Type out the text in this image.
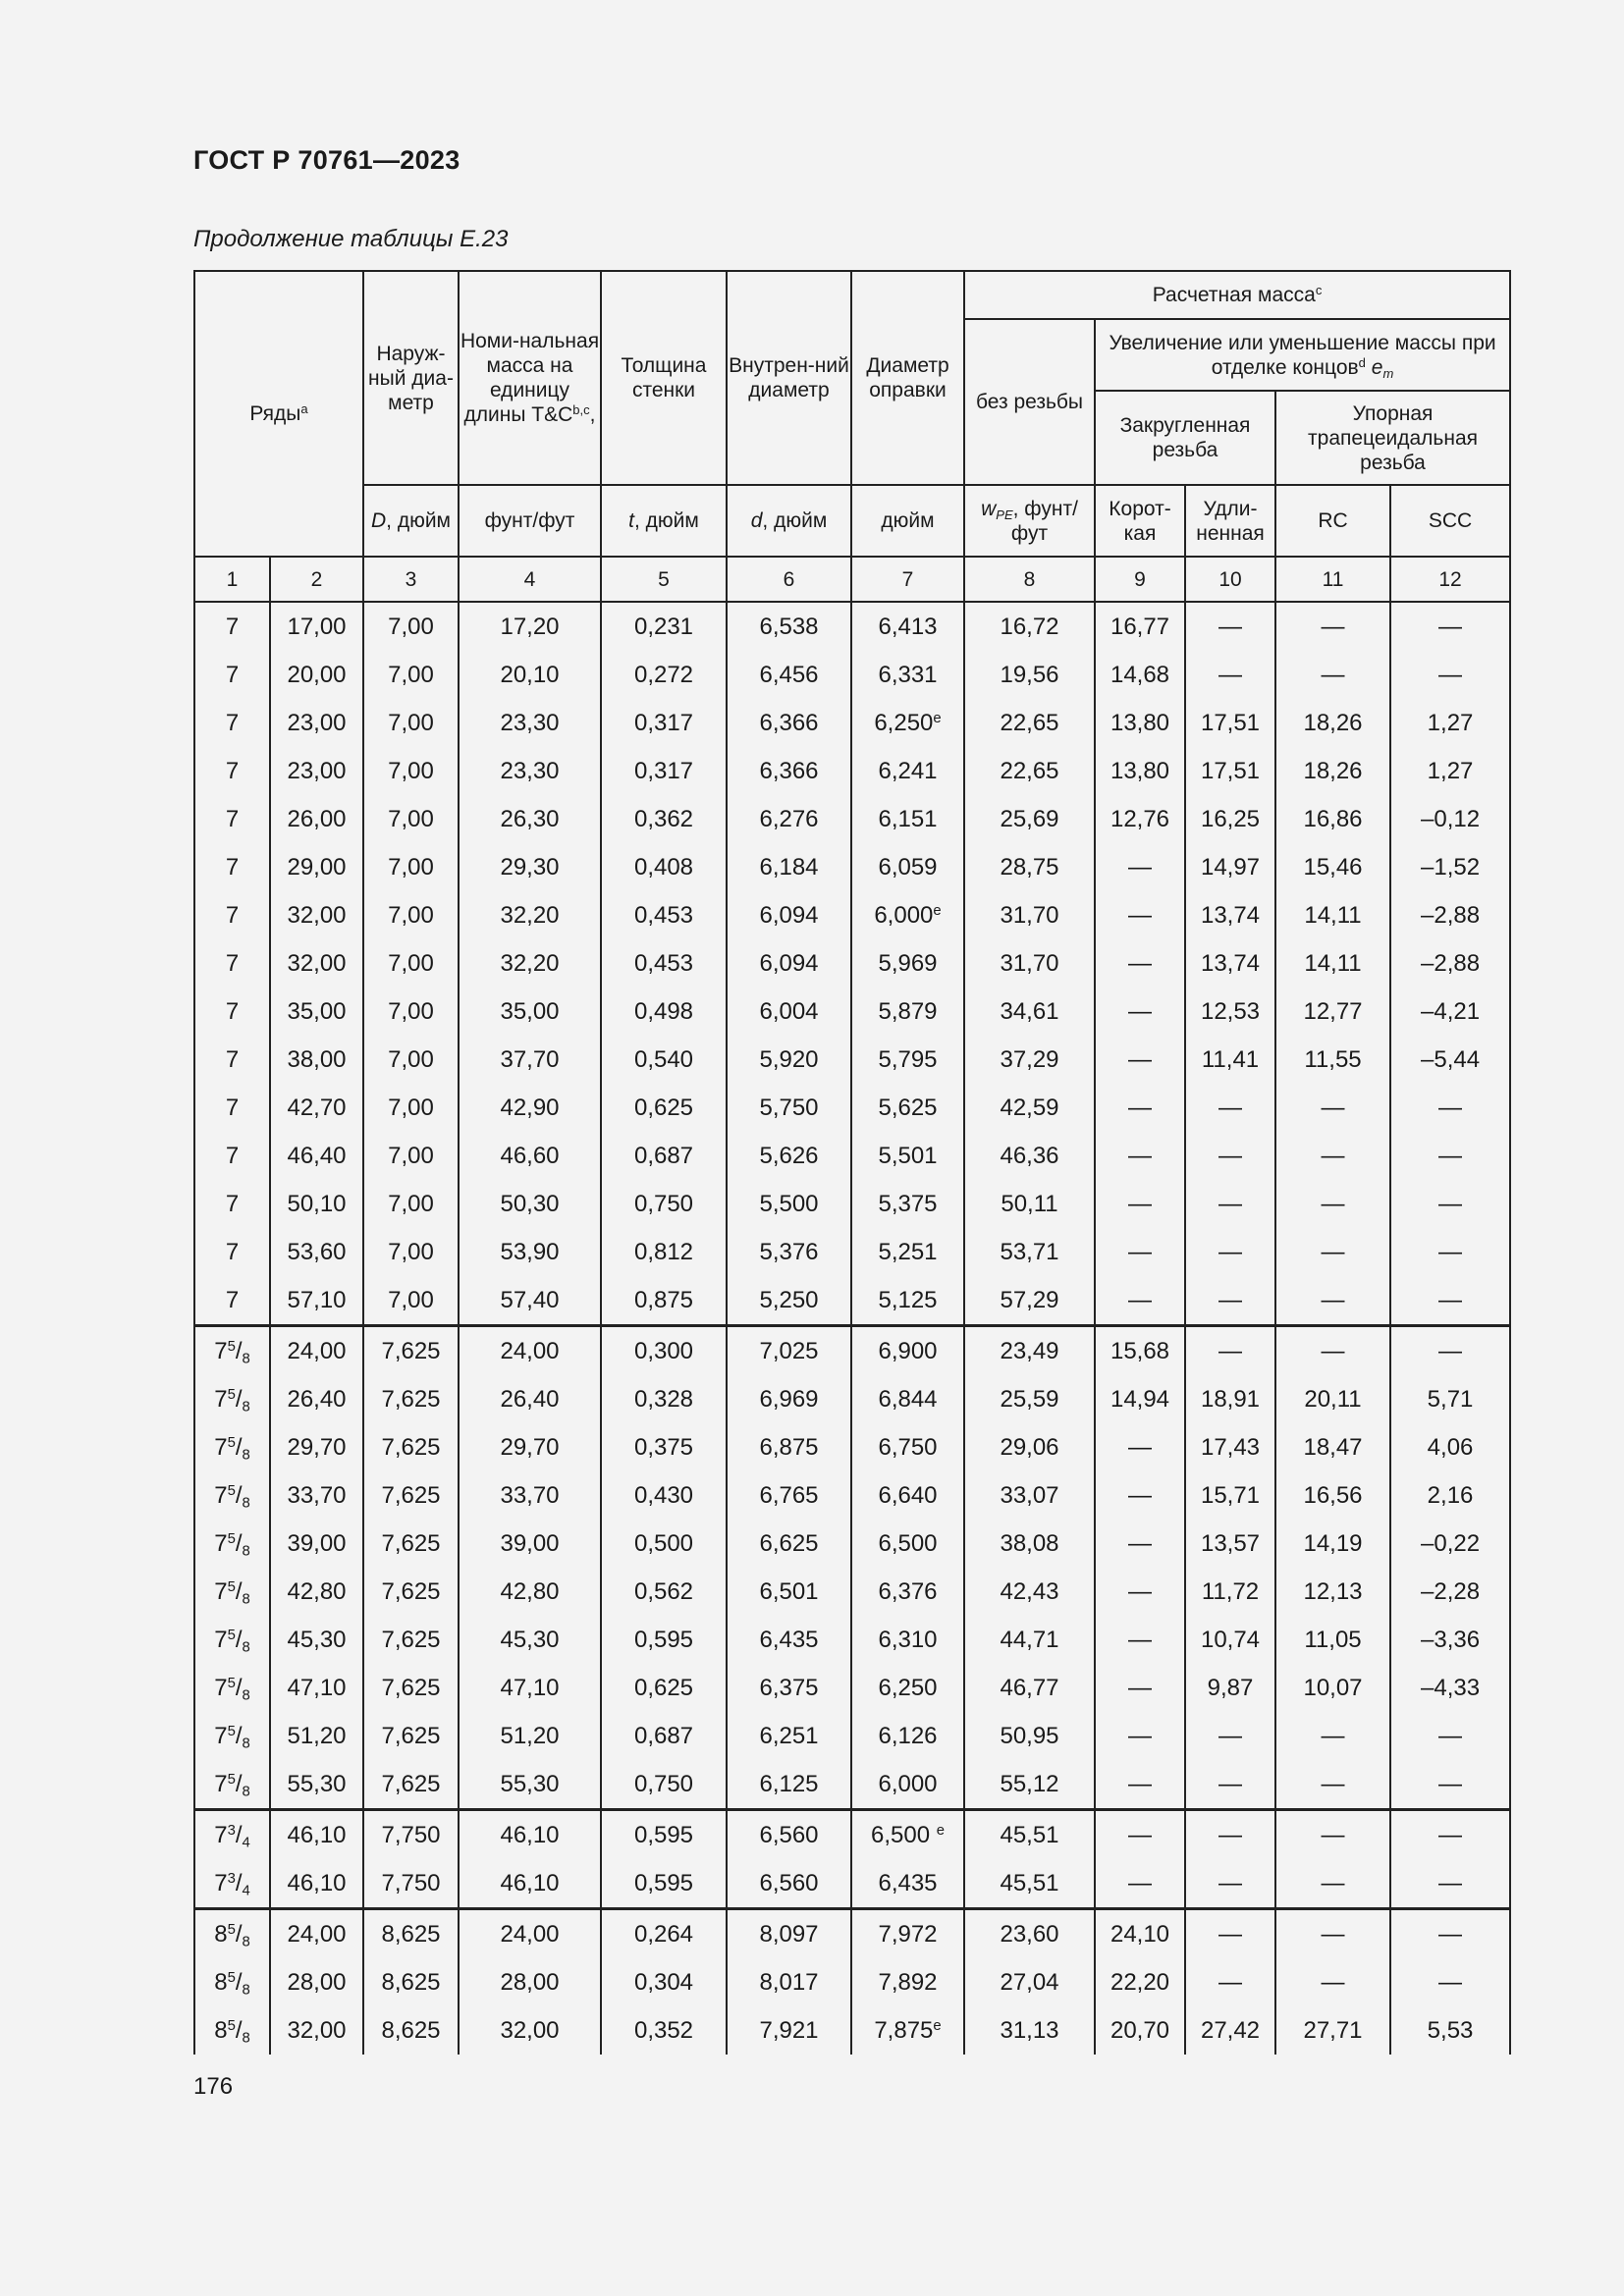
ГОСТ Р 70761—2023
Продолжение таблицы Е.23
Ряды$^a$		Наруж-ный диа-метр	Номи-нальная масса на единицу длины $T\&C^{b,c}$,	Толщина стенки	Внутрен-ний диаметр	Диаметр оправки	Расчетная масса$^c$
							без резьбы	Увеличение или уменьшение массы при отделке концов$^d$ $e_m$
								Закругленная резьба		Упорная трапецеидальная резьба	
		D, дюйм	фунт/фут	t, дюйм	d, дюйм	дюйм	$w_{PE}$, фунт/фут	Корот-кая	Удли-ненная	RC	SCC
1	2	3	4	5	6	7	8	9	10	11	12
7	17,00	7,00	17,20	0,231	6,538	6,413	16,72	16,77	—	—	—
7	20,00	7,00	20,10	0,272	6,456	6,331	19,56	14,68	—	—	—
7	23,00	7,00	23,30	0,317	6,366	6,250e	22,65	13,80	17,51	18,26	1,27
7	23,00	7,00	23,30	0,317	6,366	6,241	22,65	13,80	17,51	18,26	1,27
7	26,00	7,00	26,30	0,362	6,276	6,151	25,69	12,76	16,25	16,86	–0,12
7	29,00	7,00	29,30	0,408	6,184	6,059	28,75	—	14,97	15,46	–1,52
7	32,00	7,00	32,20	0,453	6,094	6,000e	31,70	—	13,74	14,11	–2,88
7	32,00	7,00	32,20	0,453	6,094	5,969	31,70	—	13,74	14,11	–2,88
7	35,00	7,00	35,00	0,498	6,004	5,879	34,61	—	12,53	12,77	–4,21
7	38,00	7,00	37,70	0,540	5,920	5,795	37,29	—	11,41	11,55	–5,44
7	42,70	7,00	42,90	0,625	5,750	5,625	42,59	—	—	—	—
7	46,40	7,00	46,60	0,687	5,626	5,501	46,36	—	—	—	—
7	50,10	7,00	50,30	0,750	5,500	5,375	50,11	—	—	—	—
7	53,60	7,00	53,90	0,812	5,376	5,251	53,71	—	—	—	—
7	57,10	7,00	57,40	0,875	5,250	5,125	57,29	—	—	—	—
$7^5/_8$	24,00	7,625	24,00	0,300	7,025	6,900	23,49	15,68	—	—	—
$7^5/_8$	26,40	7,625	26,40	0,328	6,969	6,844	25,59	14,94	18,91	20,11	5,71
$7^5/_8$	29,70	7,625	29,70	0,375	6,875	6,750	29,06	—	17,43	18,47	4,06
$7^5/_8$	33,70	7,625	33,70	0,430	6,765	6,640	33,07	—	15,71	16,56	2,16
$7^5/_8$	39,00	7,625	39,00	0,500	6,625	6,500	38,08	—	13,57	14,19	–0,22
$7^5/_8$	42,80	7,625	42,80	0,562	6,501	6,376	42,43	—	11,72	12,13	–2,28
$7^5/_8$	45,30	7,625	45,30	0,595	6,435	6,310	44,71	—	10,74	11,05	–3,36
$7^5/_8$	47,10	7,625	47,10	0,625	6,375	6,250	46,77	—	9,87	10,07	–4,33
$7^5/_8$	51,20	7,625	51,20	0,687	6,251	6,126	50,95	—	—	—	—
$7^5/_8$	55,30	7,625	55,30	0,750	6,125	6,000	55,12	—	—	—	—
$7^3/_4$	46,10	7,750	46,10	0,595	6,560	6,500 $^e$	45,51	—	—	—	—
$7^3/_4$	46,10	7,750	46,10	0,595	6,560	6,435	45,51	—	—	—	—
$8^5/_8$	24,00	8,625	24,00	0,264	8,097	7,972	23,60	24,10	—	—	—
$8^5/_8$	28,00	8,625	28,00	0,304	8,017	7,892	27,04	22,20	—	—	—
$8^5/_8$	32,00	8,625	32,00	0,352	7,921	7,875e	31,13	20,70	27,42	27,71	5,53
176
